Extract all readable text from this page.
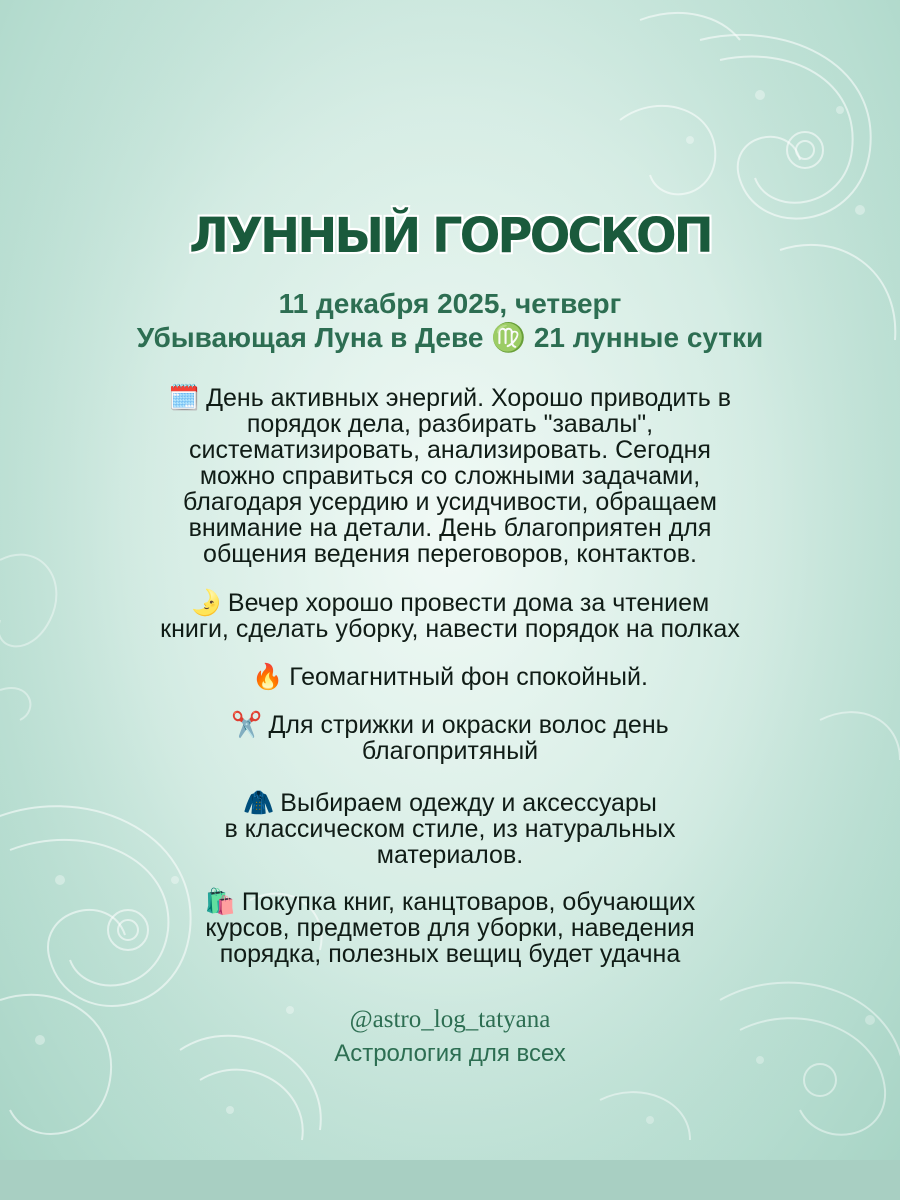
ЛУННЫЙ ГОРОСКОП
11 декабря 2025, четверг
Убывающая Луна в Деве ♍ 21 лунные сутки
🗓️ День активных энергий. Хорошо приводить в
порядок дела, разбирать "завалы",
систематизировать, анализировать. Сегодня
можно справиться со сложными задачами,
благодаря усердию и усидчивости, обращаем
внимание на детали. День благоприятен для
общения ведения переговоров, контактов.
🌛 Вечер хорошо провести дома за чтением
книги, сделать уборку, навести порядок на полках
🔥 Геомагнитный фон спокойный.
✂️ Для стрижки и окраски волос день
благопритяный
🧥 Выбираем одежду и аксессуары
в классическом стиле, из натуральных
материалов.
🛍️ Покупка книг, канцтоваров, обучающих
курсов, предметов для уборки, наведения
порядка, полезных вещиц будет удачна
@astro_log_tatyana
Астрология для всех
